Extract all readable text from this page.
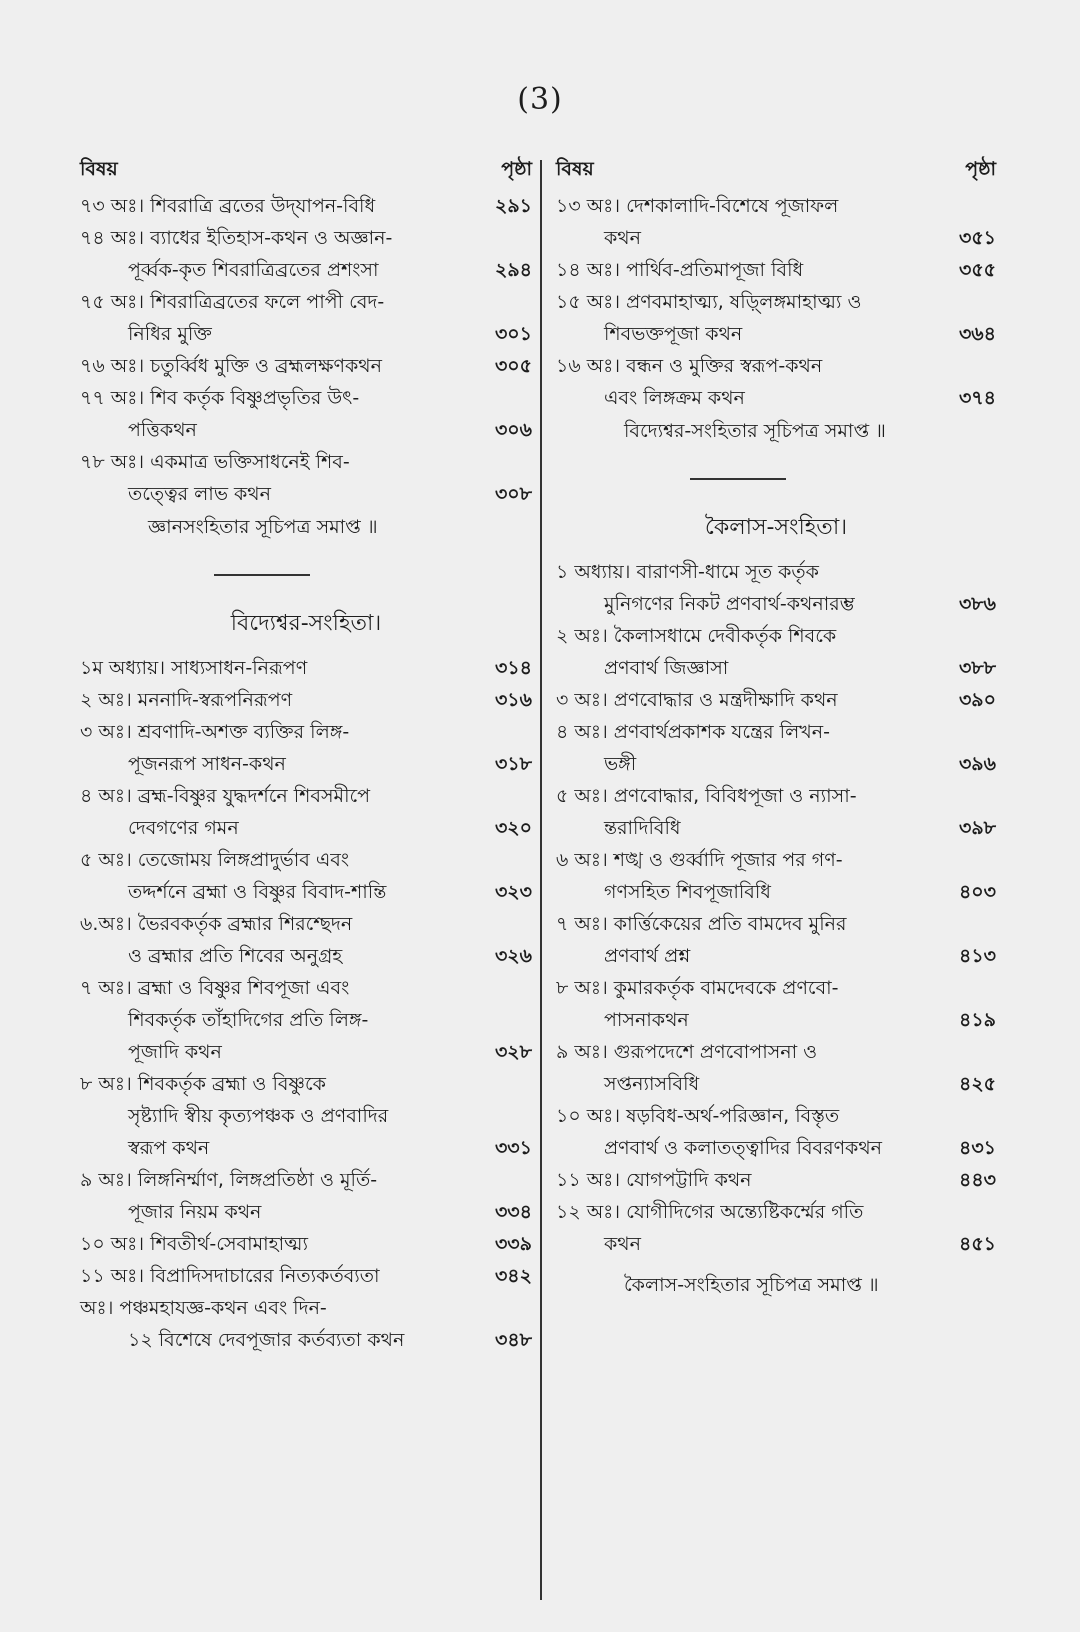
(3)
বিষয়	পৃষ্ঠা
৭৩ অঃ। শিবরাত্রি ব্রতের উদ্‌যাপন-বিধি	২৯১
৭৪ অঃ। ব্যাধের ইতিহাস-কথন ও অজ্ঞান-
পূর্ব্বক-কৃত শিবরাত্রিব্রতের প্রশংসা	২৯৪
৭৫ অঃ। শিবরাত্রিব্রতের ফলে পাপী বেদ-
নিধির মুক্তি	৩০১
৭৬ অঃ। চতুর্ব্বিধ মুক্তি ও ব্রহ্মলক্ষণকথন	৩০৫
৭৭ অঃ। শিব কর্তৃক বিষ্ণুপ্রভৃতির উৎ-
পত্তিকথন	৩০৬
৭৮ অঃ। একমাত্র ভক্তিসাধনেই শিব-
তত্ত্বের লাভ কথন	৩০৮
জ্ঞানসংহিতার সূচিপত্র সমাপ্ত ॥
বিদ্যেশ্বর-সংহিতা।
১ম অধ্যায়। সাধ্যসাধন-নিরূপণ	৩১৪
২ অঃ। মননাদি-স্বরূপনিরূপণ	৩১৬
৩ অঃ। শ্রবণাদি-অশক্ত ব্যক্তির লিঙ্গ-
পূজনরূপ সাধন-কথন	৩১৮
৪ অঃ। ব্রহ্ম-বিষ্ণুর যুদ্ধদর্শনে শিবসমীপে
দেবগণের গমন	৩২০
৫ অঃ। তেজোময় লিঙ্গপ্রাদুর্ভাব এবং
তদ্দর্শনে ব্রহ্মা ও বিষ্ণুর বিবাদ-শান্তি	৩২৩
৬.অঃ। ভৈরবকর্তৃক ব্রহ্মার শিরশ্ছেদন
ও ব্রহ্মার প্রতি শিবের অনুগ্রহ	৩২৬
৭ অঃ। ব্রহ্মা ও বিষ্ণুর শিবপূজা এবং
শিবকর্তৃক তাঁহাদিগের প্রতি লিঙ্গ-
পূজাদি কথন	৩২৮
৮ অঃ। শিবকর্তৃক ব্রহ্মা ও বিষ্ণুকে
সৃষ্ট্যাদি স্বীয় কৃত্যপঞ্চক ও প্রণবাদির
স্বরূপ কথন	৩৩১
৯ অঃ। লিঙ্গনির্ম্মাণ, লিঙ্গপ্রতিষ্ঠা ও মূর্তি-
পূজার নিয়ম কথন	৩৩৪
১০ অঃ। শিবতীর্থ-সেবামাহাত্ম্য	৩৩৯
১১ অঃ। বিপ্রাদিসদাচারের নিত্যকর্তব্যতা	৩৪২
অঃ। পঞ্চমহাযজ্ঞ-কথন এবং দিন-
১২ বিশেষে দেবপূজার কর্তব্যতা কথন	৩৪৮
বিষয়	পৃষ্ঠা
১৩ অঃ। দেশকালাদি-বিশেষে পূজাফল
কথন	৩৫১
১৪ অঃ। পার্থিব-প্রতিমাপূজা বিধি	৩৫৫
১৫ অঃ। প্রণবমাহাত্ম্য, ষড়্লিঙ্গমাহাত্ম্য ও
শিবভক্তপূজা কথন	৩৬৪
১৬ অঃ। বন্ধন ও মুক্তির স্বরূপ-কথন
এবং লিঙ্গক্রম কথন	৩৭৪
বিদ্যেশ্বর-সংহিতার সূচিপত্র সমাপ্ত ॥
কৈলাস-সংহিতা।
১ অধ্যায়। বারাণসী-ধামে সূত কর্তৃক
মুনিগণের নিকট প্রণবার্থ-কথনারম্ভ	৩৮৬
২ অঃ। কৈলাসধামে দেবীকর্তৃক শিবকে
প্রণবার্থ জিজ্ঞাসা	৩৮৮
৩ অঃ। প্রণবোদ্ধার ও মন্ত্রদীক্ষাদি কথন	৩৯০
৪ অঃ। প্রণবার্থপ্রকাশক যন্ত্রের লিখন-
ভঙ্গী	৩৯৬
৫ অঃ। প্রণবোদ্ধার, বিবিধপূজা ও ন্যাসা-
ন্তরাদিবিধি	৩৯৮
৬ অঃ। শঙ্খ ও গুর্ব্বাদি পূজার পর গণ-
গণসহিত শিবপূজাবিধি	৪০৩
৭ অঃ। কার্ত্তিকেয়ের প্রতি বামদেব মুনির
প্রণবার্থ প্রশ্ন	৪১৩
৮ অঃ। কুমারকর্তৃক বামদেবকে প্রণবো-
পাসনাকথন	৪১৯
৯ অঃ। গুরূপদেশে প্রণবোপাসনা ও
সপ্তন্যাসবিধি	৪২৫
১০ অঃ। ষড়বিধ-অর্থ-পরিজ্ঞান, বিস্তৃত
প্রণবার্থ ও কলাতত্ত্বাদির বিবরণকথন	৪৩১
১১ অঃ। যোগপট্টাদি কথন	৪৪৩
১২ অঃ। যোগীদিগের অন্ত্যেষ্টিকর্ম্মের গতি
কথন	৪৫১
কৈলাস-সংহিতার সূচিপত্র সমাপ্ত ॥
